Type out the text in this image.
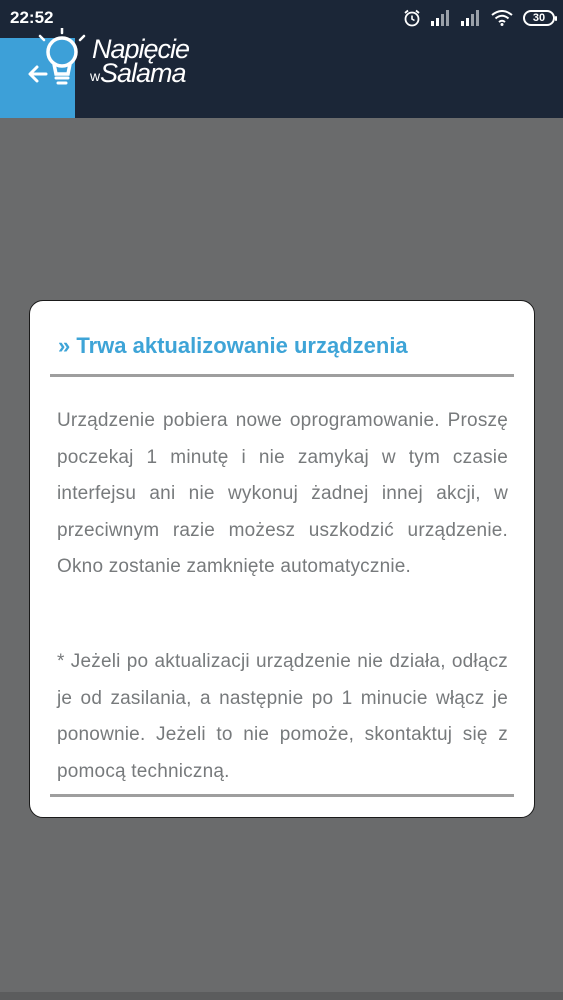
22:52	30
w
Napięcie
Salama
» Trwa aktualizowanie urządzenia

Urządzenie pobiera nowe oprogramowanie. Proszę poczekaj 1 minutę i nie zamykaj w tym czasie interfejsu ani nie wykonuj żadnej innej akcji, w przeciwnym razie możesz uszkodzić urządzenie. Okno zostanie zamknięte automatycznie.

* Jeżeli po aktualizacji urządzenie nie działa, odłącz je od zasilania, a następnie po 1 minucie włącz je ponownie. Jeżeli to nie pomoże, skontaktuj się z pomocą techniczną.
